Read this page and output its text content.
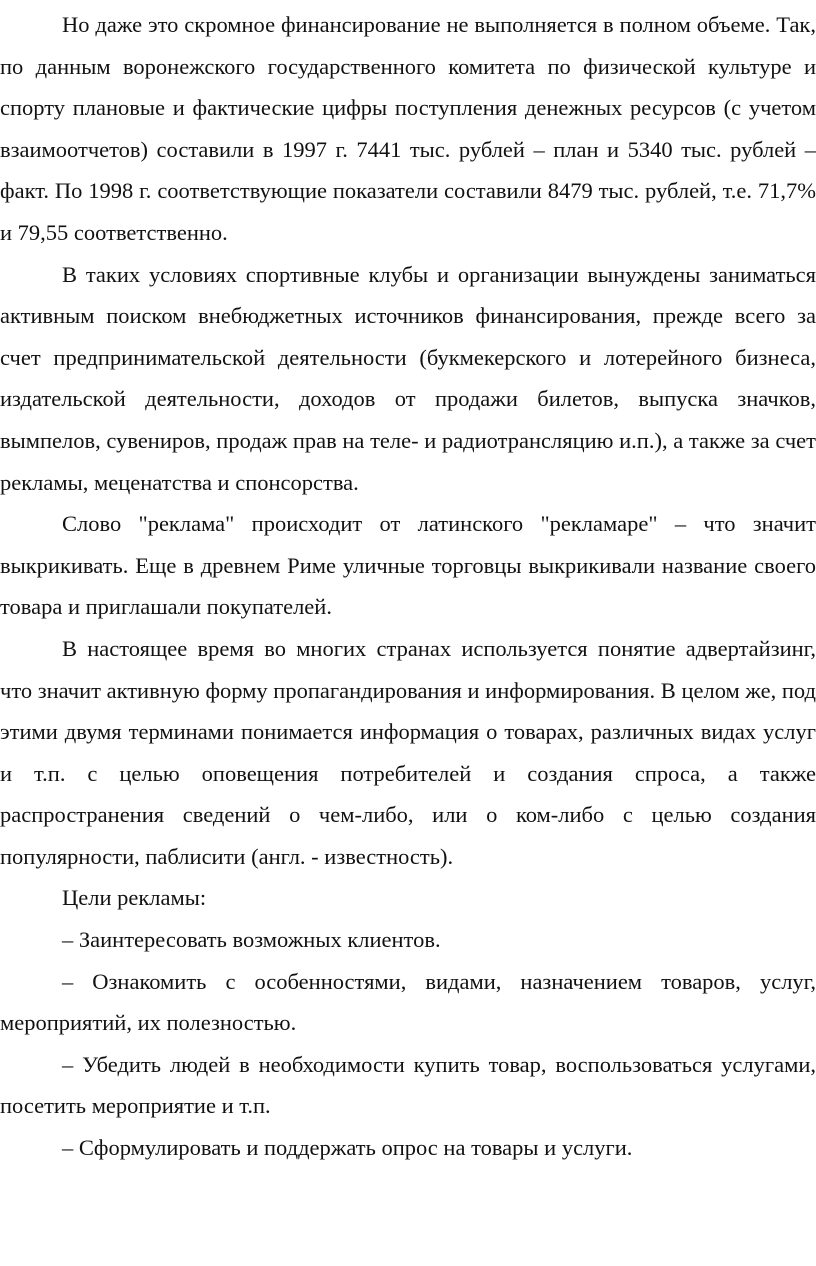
Но даже это скромное финансирование не выполняется в полном объеме. Так, по данным воронежского государственного комитета по физической культуре и спорту плановые и фактические цифры поступления денежных ресурсов (с учетом взаимоотчетов) составили в 1997 г. 7441 тыс. рублей – план и 5340 тыс. рублей – факт. По 1998 г. соответствующие показатели составили 8479 тыс. рублей, т.е. 71,7% и 79,55 соответственно.

В таких условиях спортивные клубы и организации вынуждены заниматься активным поиском внебюджетных источников финансирования, прежде всего за счет предпринимательской деятельности (букмекерского и лотерейного бизнеса, издательской деятельности, доходов от продажи билетов, выпуска значков, вымпелов, сувениров, продаж прав на теле- и радиотрансляцию и.п.), а также за счет рекламы, меценатства и спонсорства.

Слово "реклама" происходит от латинского "рекламаре" – что значит выкрикивать. Еще в древнем Риме уличные торговцы выкрикивали название своего товара и приглашали покупателей.

В настоящее время во многих странах используется понятие адвертайзинг, что значит активную форму пропагандирования и информирования. В целом же, под этими двумя терминами понимается информация о товарах, различных видах услуг и т.п. с целью оповещения потребителей и создания спроса, а также распространения сведений о чем-либо, или о ком-либо с целью создания популярности, паблисити (англ. - известность).

Цели рекламы:

– Заинтересовать возможных клиентов.

– Ознакомить с особенностями, видами, назначением товаров, услуг, мероприятий, их полезностью.

– Убедить людей в необходимости купить товар, воспользоваться услугами, посетить мероприятие и т.п.

– Сформулировать и поддержать опрос на товары и услуги.
